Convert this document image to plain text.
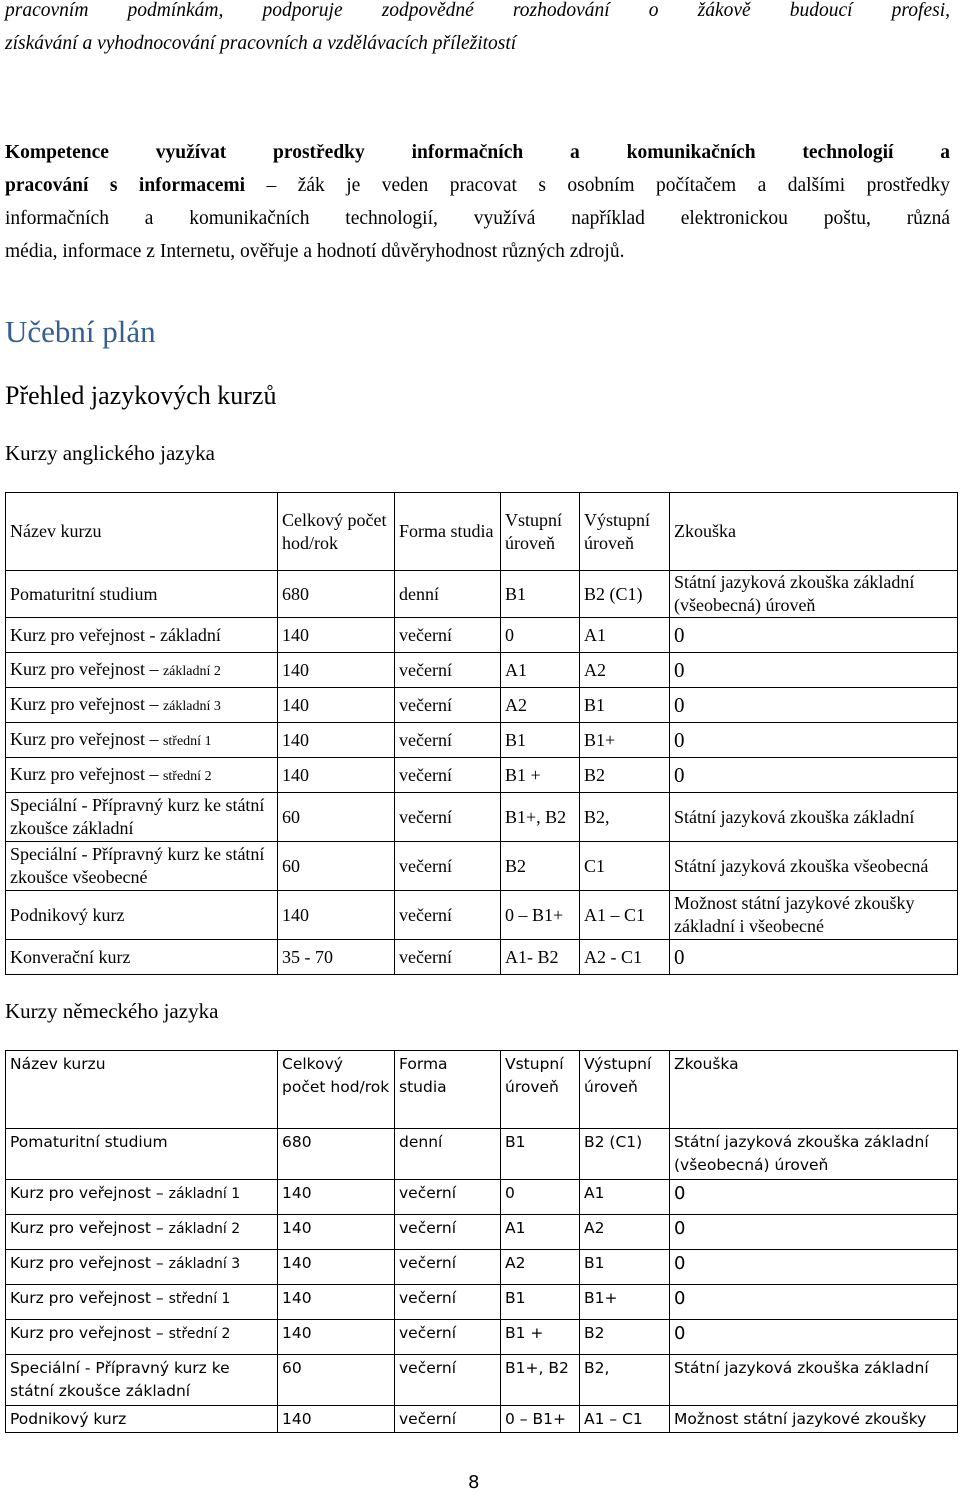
pracovním podmínkám, podporuje zodpovědné rozhodování o žákově budoucí profesi,
získávání a vyhodnocování pracovních a vzdělávacích příležitostí
Kompetence využívat prostředky informačních a komunikačních technologií a
pracování s informacemi – žák je veden pracovat s osobním počítačem a dalšími prostředky
informačních a komunikačních technologií, využívá například elektronickou poštu, různá
média, informace z Internetu, ověřuje a hodnotí důvěryhodnost různých zdrojů.
Učební plán
Přehled jazykových kurzů
Kurzy anglického jazyka
Název kurzu	Celkový počet hod/rok	Forma studia	Vstupní úroveň	Výstupní úroveň	Zkouška
Pomaturitní studium	680	denní	B1	B2 (C1)	Státní jazyková zkouška základní (všeobecná) úroveň
Kurz pro veřejnost - základní	140	večerní	0	A1	0
Kurz pro veřejnost – základní 2	140	večerní	A1	A2	0
Kurz pro veřejnost – základní 3	140	večerní	A2	B1	0
Kurz pro veřejnost – střední 1	140	večerní	B1	B1+	0
Kurz pro veřejnost – střední 2	140	večerní	B1 +	B2	0
Speciální - Přípravný kurz ke státní zkoušce základní	60	večerní	B1+, B2	B2,	Státní jazyková zkouška základní
Speciální - Přípravný kurz ke státní zkoušce všeobecné	60	večerní	B2	C1	Státní jazyková zkouška všeobecná
Podnikový kurz	140	večerní	0 – B1+	A1 – C1	Možnost státní jazykové zkoušky základní i všeobecné
Konverační kurz	35 - 70	večerní	A1- B2	A2 - C1	0
Kurzy německého jazyka
Název kurzu	Celkový počet hod/rok	Forma studia	Vstupní úroveň	Výstupní úroveň	Zkouška
Pomaturitní studium	680	denní	B1	B2 (C1)	Státní jazyková zkouška základní (všeobecná) úroveň
Kurz pro veřejnost – základní 1	140	večerní	0	A1	0
Kurz pro veřejnost – základní 2	140	večerní	A1	A2	0
Kurz pro veřejnost – základní 3	140	večerní	A2	B1	0
Kurz pro veřejnost – střední 1	140	večerní	B1	B1+	0
Kurz pro veřejnost – střední 2	140	večerní	B1 +	B2	0
Speciální - Přípravný kurz ke státní zkoušce základní	60	večerní	B1+, B2	B2,	Státní jazyková zkouška základní
Podnikový kurz	140	večerní	0 – B1+	A1 – C1	Možnost státní jazykové zkoušky
8
